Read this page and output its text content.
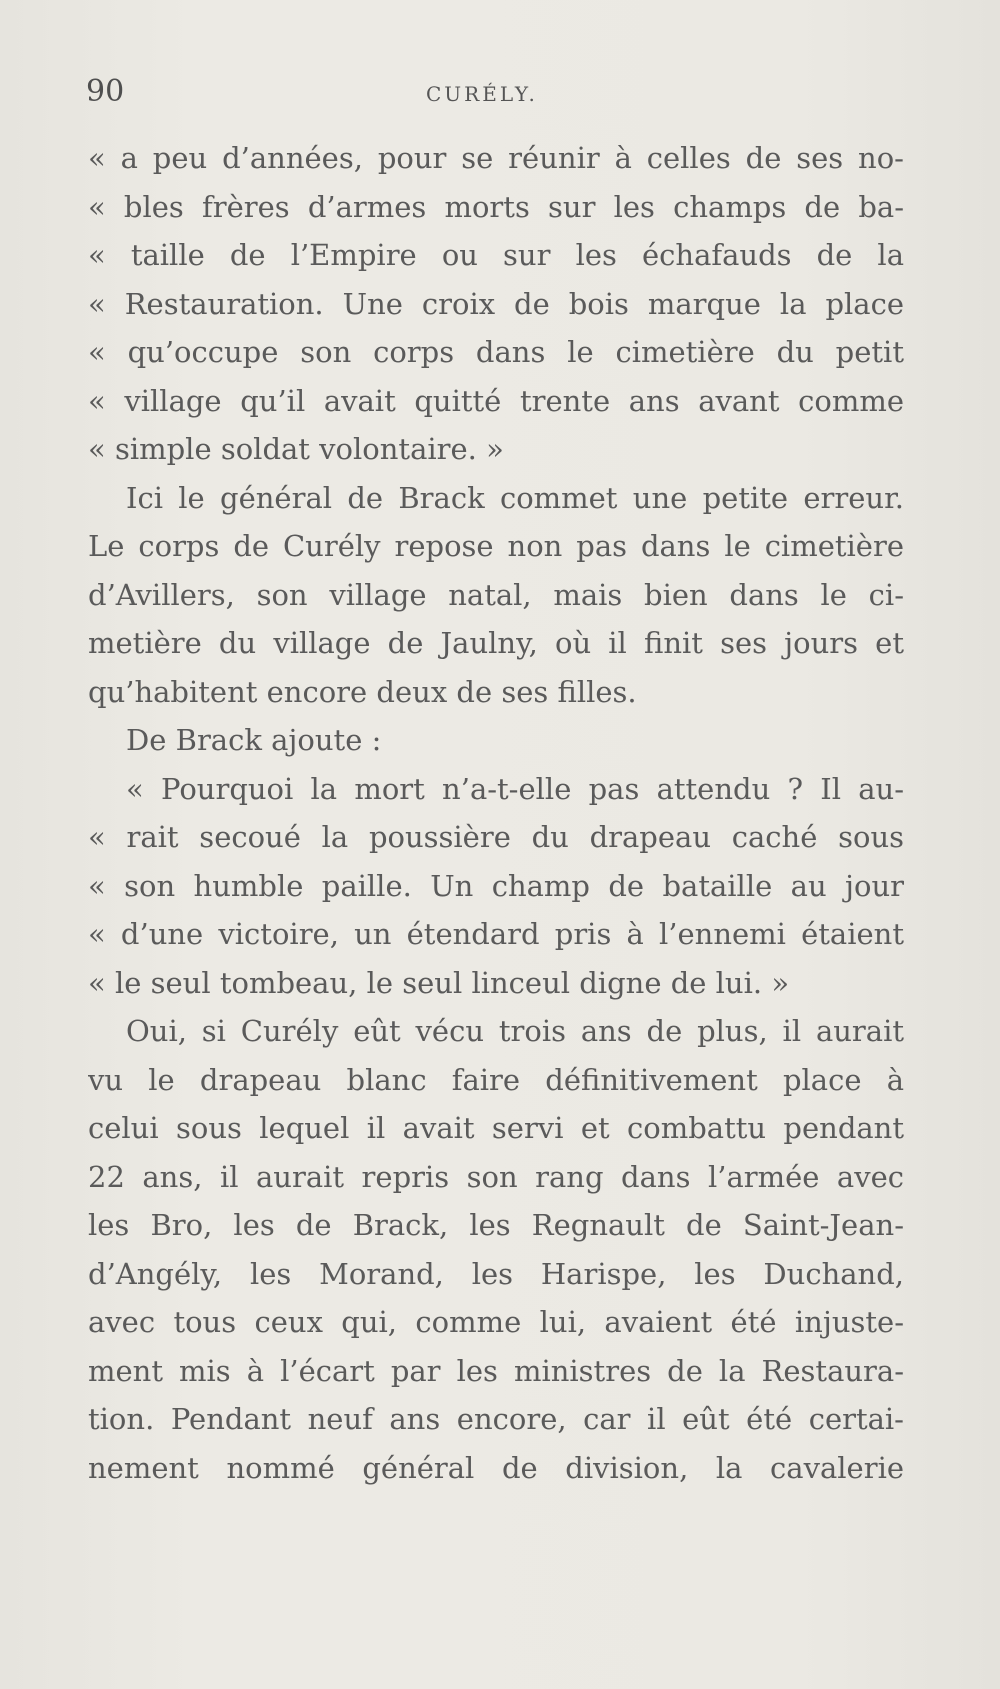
90	CURÉLY.
« a peu d’années, pour se réunir à celles de ses no-
« bles frères d’armes morts sur les champs de ba-
« taille de l’Empire ou sur les échafauds de la
« Restauration. Une croix de bois marque la place
« qu’occupe son corps dans le cimetière du petit
« village qu’il avait quitté trente ans avant comme
« simple soldat volontaire. »
Ici le général de Brack commet une petite erreur.
Le corps de Curély repose non pas dans le cimetière
d’Avillers, son village natal, mais bien dans le ci-
metière du village de Jaulny, où il finit ses jours et
qu’habitent encore deux de ses filles.
De Brack ajoute :
« Pourquoi la mort n’a-t-elle pas attendu ? Il au-
« rait secoué la poussière du drapeau caché sous
« son humble paille. Un champ de bataille au jour
« d’une victoire, un étendard pris à l’ennemi étaient
« le seul tombeau, le seul linceul digne de lui. »
Oui, si Curély eût vécu trois ans de plus, il aurait
vu le drapeau blanc faire définitivement place à
celui sous lequel il avait servi et combattu pendant
22 ans, il aurait repris son rang dans l’armée avec
les Bro, les de Brack, les Regnault de Saint-Jean-
d’Angély, les Morand, les Harispe, les Duchand,
avec tous ceux qui, comme lui, avaient été injuste-
ment mis à l’écart par les ministres de la Restaura-
tion. Pendant neuf ans encore, car il eût été certai-
nement nommé général de division, la cavalerie
